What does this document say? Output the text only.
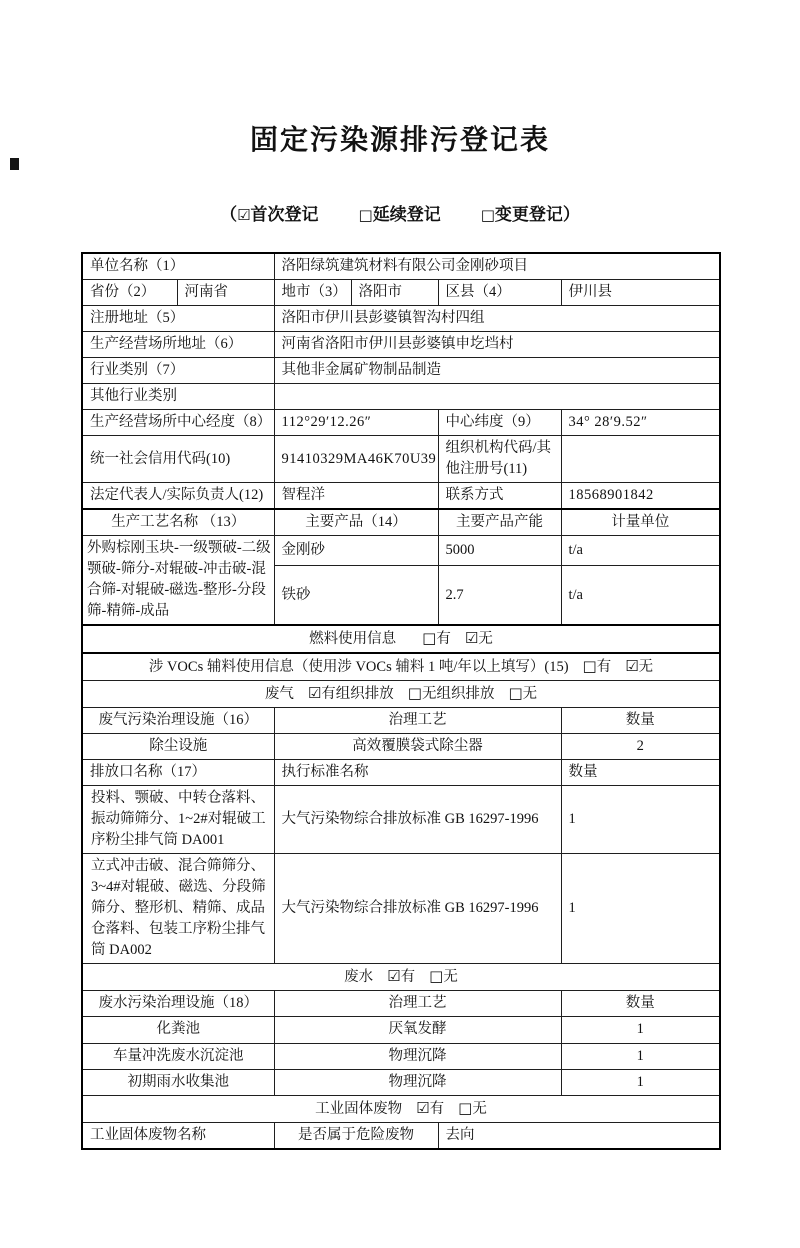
固定污染源排污登记表
（☑首次登记	□延续登记	□变更登记）
单位名称（1）		洛阳绿筑建筑材料有限公司金刚砂项目			
省份（2）	河南省	地市（3）	洛阳市	区县（4）	伊川县
注册地址（5）		洛阳市伊川县彭婆镇智沟村四组			
生产经营场所地址（6）		河南省洛阳市伊川县彭婆镇申圪垱村			
行业类别（7）		其他非金属矿物制品制造			
其他行业类别					
生产经营场所中心经度（8）		112°29′12.26″		中心纬度（9）	34° 28′9.52″
统一社会信用代码(10)		91410329MA46K70U39		组织机构代码/其他注册号(11)	
法定代表人/实际负责人(12)		智程洋		联系方式	18568901842
生产工艺名称 （13）		主要产品（14）		主要产品产能	计量单位
外购棕刚玉块-一级颚破-二级颚破-筛分-对辊破-冲击破-混合筛-对辊破-磁选-整形-分段筛-精筛-成品		金刚砂		5000	t/a
		铁砂		2.7	t/a
燃料使用信息 □有 ☑无					
涉 VOCs 辅料使用信息（使用涉 VOCs 辅料 1 吨/年以上填写）(15) □有 ☑无					
废气 ☑有组织排放 □无组织排放 □无					
废气污染治理设施（16）		治理工艺			数量
除尘设施		高效覆膜袋式除尘器			2
排放口名称（17）		执行标准名称			数量
投料、颚破、中转仓落料、振动筛筛分、1~2#对辊破工序粉尘排气筒 DA001		大气污染物综合排放标准 GB 16297-1996			1
立式冲击破、混合筛筛分、3~4#对辊破、磁选、分段筛筛分、整形机、精筛、成品仓落料、包装工序粉尘排气筒 DA002		大气污染物综合排放标准 GB 16297-1996			1
废水 ☑有 □无					
废水污染治理设施（18）		治理工艺			数量
化粪池		厌氧发酵			1
车量冲洗废水沉淀池		物理沉降			1
初期雨水收集池		物理沉降			1
工业固体废物 ☑有 □无					
工业固体废物名称		是否属于危险废物		去向	
